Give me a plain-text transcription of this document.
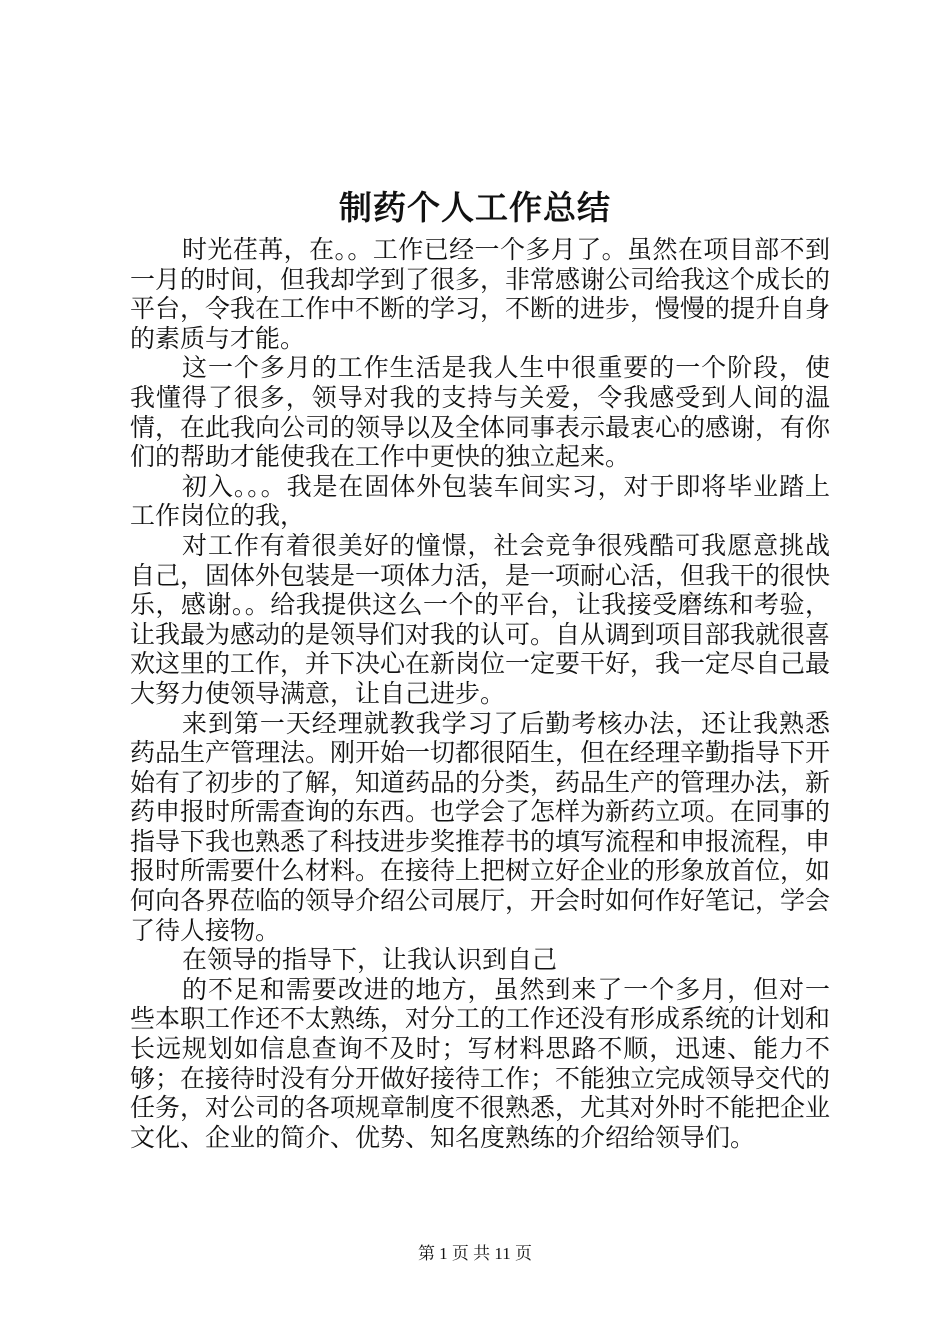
制药个人工作总结

时光荏苒，在。。工作已经一个多月了。虽然在项目部不到一月的时间，但我却学到了很多，非常感谢公司给我这个成长的平台，令我在工作中不断的学习，不断的进步，慢慢的提升自身的素质与才能。

这一个多月的工作生活是我人生中很重要的一个阶段，使我懂得了很多，领导对我的支持与关爱，令我感受到人间的温情，在此我向公司的领导以及全体同事表示最衷心的感谢，有你们的帮助才能使我在工作中更快的独立起来。

初入。。。我是在固体外包装车间实习，对于即将毕业踏上工作岗位的我，

对工作有着很美好的憧憬，社会竞争很残酷可我愿意挑战自己，固体外包装是一项体力活，是一项耐心活，但我干的很快乐，感谢。。给我提供这么一个的平台，让我接受磨练和考验，让我最为感动的是领导们对我的认可。自从调到项目部我就很喜欢这里的工作，并下决心在新岗位一定要干好，我一定尽自己最大努力使领导满意，让自己进步。

来到第一天经理就教我学习了后勤考核办法，还让我熟悉药品生产管理法。刚开始一切都很陌生，但在经理辛勤指导下开始有了初步的了解，知道药品的分类，药品生产的管理办法，新药申报时所需查询的东西。也学会了怎样为新药立项。在同事的指导下我也熟悉了科技进步奖推荐书的填写流程和申报流程，申报时所需要什么材料。在接待上把树立好企业的形象放首位，如何向各界莅临的领导介绍公司展厅，开会时如何作好笔记，学会了待人接物。

在领导的指导下，让我认识到自己

的不足和需要改进的地方，虽然到来了一个多月，但对一些本职工作还不太熟练，对分工的工作还没有形成系统的计划和长远规划如信息查询不及时；写材料思路不顺，迅速、能力不够；在接待时没有分开做好接待工作；不能独立完成领导交代的任务，对公司的各项规章制度不很熟悉，尤其对外时不能把企业文化、企业的简介、优势、知名度熟练的介绍给领导们。

第 1 页 共 11 页
